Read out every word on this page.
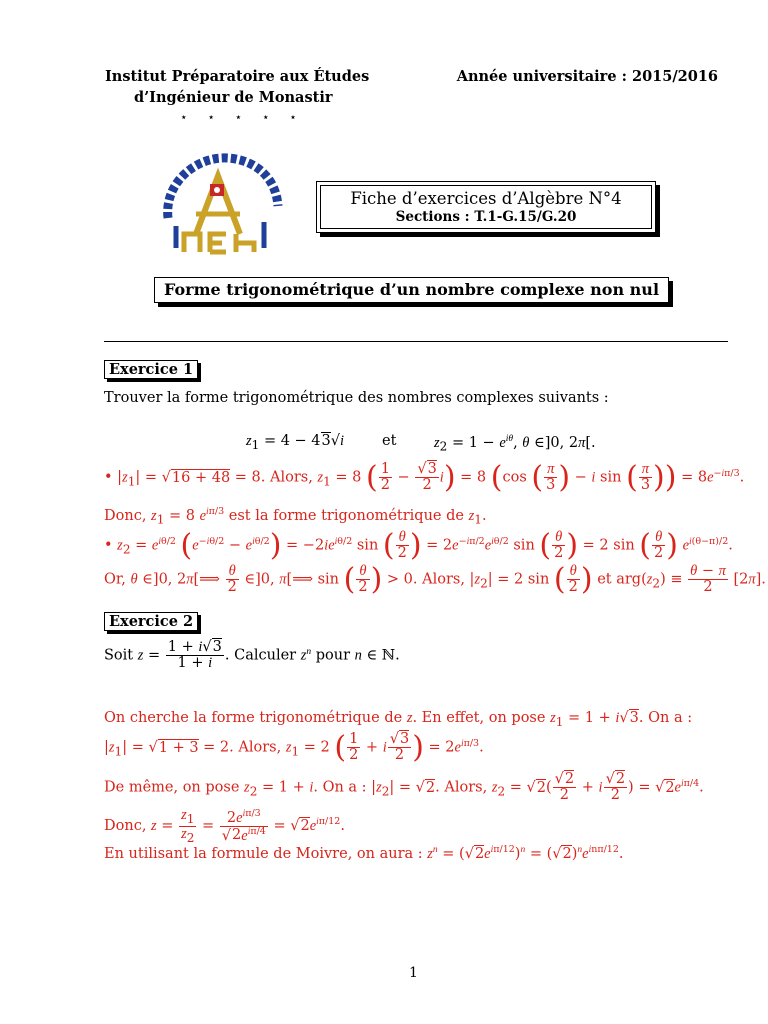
Institut Préparatoire aux Études
d’Ingénieur de Monastir
Année universitaire : 2015/2016
⋆ ⋆ ⋆ ⋆ ⋆
Fiche d’exercices d’Algèbre N°4
Sections : T.1-G.15/G.20
Forme trigonométrique d’un nombre complexe non nul
Exercice 1
Trouver la forme trigonométrique des nombres complexes suivants :
$z_1 = 4 - 43√i$	et	$z_2 = 1 - e^{i\theta}$, θ ∈]0, 2π[.
• $|z_1| = √16 + 48 = 8$. Alors, $z_1 = 8$ ( $\frac{1}{2} - \frac{√3}{2} i) = 8$ (cos ( $\frac{\pi}{3}$ ) − i sin ( $\frac{\pi}{3}$ )) = $8e^{-i\pi/3}$.
Donc, $z_1 = 8$ $e^{i\pi/3}$ est la forme trigonométrique de $z_1$.
• $z_2 = e^{i\theta/2}$ $(e^{-i\theta/2} - e^{i\theta/2}) = -2ie^{i\theta/2}$ sin ( $\frac{\theta}{2}$ ) = $2e^{-i\pi/2}e^{i\theta/2}$ sin ( $\frac{\theta}{2}$ ) = 2 sin ( $\frac{\theta}{2}$ ) $e^{i(\theta-\pi)/2}$.
Or, θ ∈]0, 2π[⟹ $\frac{\theta}{2}$ ∈]0, π[⟹ sin ( $\frac{\theta}{2}$ ) > 0. Alors, $|z_2| = 2$ sin ( $\frac{\theta}{2}$ ) et $arg(z_2) \equiv \frac{\theta - \pi}{2} [2\pi]$.
Exercice 2
Soit $z = \frac{1 + i√3}{1 + i}$ . Calculer $z^n$ pour n ∈ ℕ.
On cherche la forme trigonométrique de z. En effet, on pose $z_1 = 1 + i√3$. On a :
$|z_1| = √1 + 3 = 2$. Alors, $z_1 = 2$ ( $\frac{1}{2} + i \frac{√3}{2}$ ) = $2e^{i\pi/3}$.
De même, on pose $z_2 = 1 + i$. On a : $|z_2| = √2$. Alors, $z_2 = √2( \frac{√2}{2} + i \frac{√2}{2}$ ) = $√2e^{i\pi/4}$.
Donc, $z = \frac{z_1}{z_2} = \frac{2e^{i\pi/3}}{√2e^{i\pi/4}} = √2e^{i\pi/12}$.
En utilisant la formule de Moivre, on aura : $z^n = (√2e^{i\pi/12})^n = (√2)^ne^{in\pi/12}$.
1
